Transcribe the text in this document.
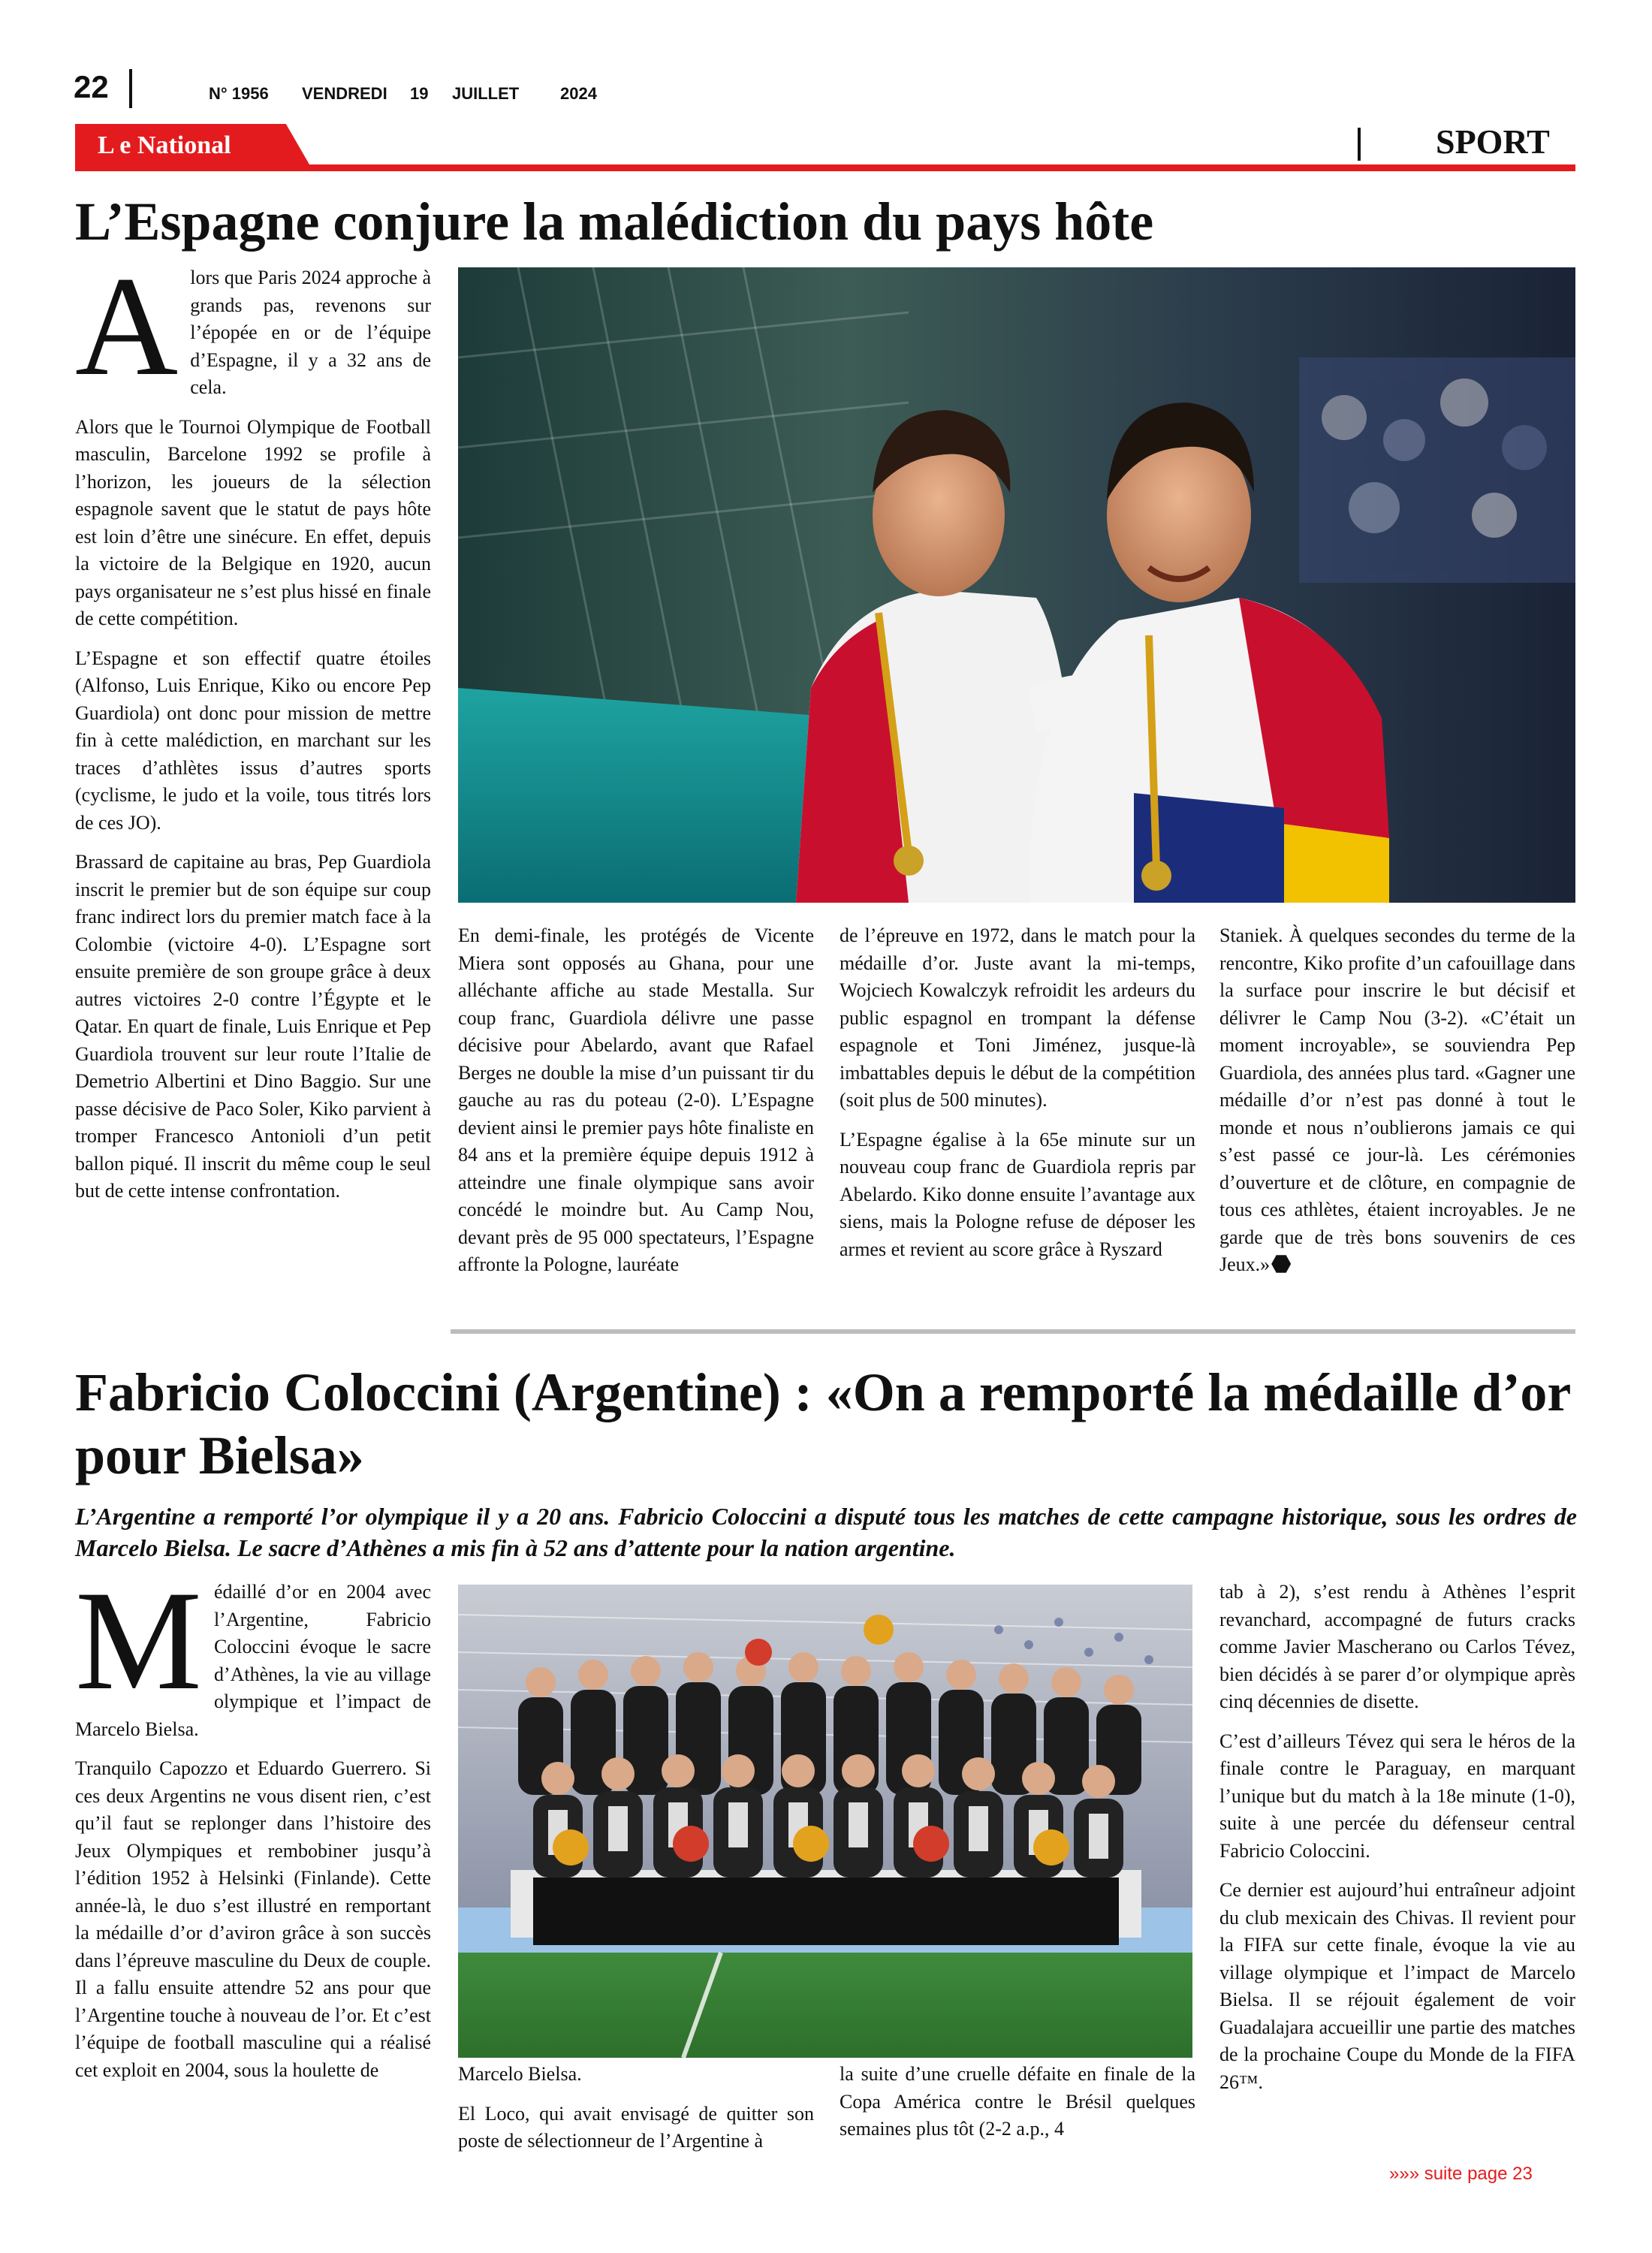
22	N° 1956 VENDREDI 19 JUILLET 2024
L e National	SPORT
L’Espagne conjure la malédiction du pays hôte

A lors que Paris 2024 approche à grands pas, revenons sur l’épopée en or de l’équipe d’Espagne, il y a 32 ans de cela.

Alors que le Tournoi Olympique de Football masculin, Barcelone 1992 se profile à l’horizon, les joueurs de la sélection espagnole savent que le statut de pays hôte est loin d’être une sinécure. En effet, depuis la victoire de la Belgique en 1920, aucun pays organisateur ne s’est plus hissé en finale de cette compétition.

L’Espagne et son effectif quatre étoiles (Alfonso, Luis Enrique, Kiko ou encore Pep Guardiola) ont donc pour mission de mettre fin à cette malédiction, en marchant sur les traces d’athlètes issus d’autres sports (cyclisme, le judo et la voile, tous titrés lors de ces JO).

Brassard de capitaine au bras, Pep Guardiola inscrit le premier but de son équipe sur coup franc indirect lors du premier match face à la Colombie (victoire 4-0). L’Espagne sort ensuite première de son groupe grâce à deux autres victoires 2-0 contre l’Égypte et le Qatar. En quart de finale, Luis Enrique et Pep Guardiola trouvent sur leur route l’Italie de Demetrio Albertini et Dino Baggio. Sur une passe décisive de Paco Soler, Kiko parvient à tromper Francesco Antonioli d’un petit ballon piqué. Il inscrit du même coup le seul but de cette intense confrontation.

En demi-finale, les protégés de Vicente Miera sont opposés au Ghana, pour une alléchante affiche au stade Mestalla. Sur coup franc, Guardiola délivre une passe décisive pour Abelardo, avant que Rafael Berges ne double la mise d’un puissant tir du gauche au ras du poteau (2-0). L’Espagne devient ainsi le premier pays hôte finaliste en 84 ans et la première équipe depuis 1912 à atteindre une finale olympique sans avoir concédé le moindre but. Au Camp Nou, devant près de 95 000 spectateurs, l’Espagne affronte la Pologne, lauréate

de l’épreuve en 1972, dans le match pour la médaille d’or. Juste avant la mi-temps, Wojciech Kowalczyk refroidit les ardeurs du public espagnol en trompant la défense espagnole et Toni Jiménez, jusque-là imbattables depuis le début de la compétition (soit plus de 500 minutes).

L’Espagne égalise à la 65e minute sur un nouveau coup franc de Guardiola repris par Abelardo. Kiko donne ensuite l’avantage aux siens, mais la Pologne refuse de déposer les armes et revient au score grâce à Ryszard

Staniek. À quelques secondes du terme de la rencontre, Kiko profite d’un cafouillage dans la surface pour inscrire le but décisif et délivrer le Camp Nou (3-2). «C’était un moment incroyable», se souviendra Pep Guardiola, des années plus tard. «Gagner une médaille d’or n’est pas donné à tout le monde et nous n’oublierons jamais ce qui s’est passé ce jour-là. Les cérémonies d’ouverture et de clôture, en compagnie de tous ces athlètes, étaient incroyables. Je ne garde que de très bons souvenirs de ces Jeux.»

Fabricio Coloccini (Argentine) : «On a remporté la médaille d’or pour Bielsa»
L’Argentine a remporté l’or olympique il y a 20 ans. Fabricio Coloccini a disputé tous les matches de cette campagne historique, sous les ordres de Marcelo Bielsa. Le sacre d’Athènes a mis fin à 52 ans d’attente pour la nation argentine.

M édaillé d’or en 2004 avec l’Argentine, Fabricio Coloccini évoque le sacre d’Athènes, la vie au village olympique et l’impact de Marcelo Bielsa.

Tranquilo Capozzo et Eduardo Guerrero. Si ces deux Argentins ne vous disent rien, c’est qu’il faut se replonger dans l’histoire des Jeux Olympiques et rembobiner jusqu’à l’édition 1952 à Helsinki (Finlande). Cette année-là, le duo s’est illustré en remportant la médaille d’or d’aviron grâce à son succès dans l’épreuve masculine du Deux de couple. Il a fallu ensuite attendre 52 ans pour que l’Argentine touche à nouveau de l’or. Et c’est l’équipe de football masculine qui a réalisé cet exploit en 2004, sous la houlette de	Marcelo Bielsa.

El Loco, qui avait envisagé de quitter son poste de sélectionneur de l’Argentine à

la suite d’une cruelle défaite en finale de la Copa América contre le Brésil quelques semaines plus tôt (2-2 a.p., 4

tab à 2), s’est rendu à Athènes l’esprit revanchard, accompagné de futurs cracks comme Javier Mascherano ou Carlos Tévez, bien décidés à se parer d’or olympique après cinq décennies de disette.

C’est d’ailleurs Tévez qui sera le héros de la finale contre le Paraguay, en marquant l’unique but du match à la 18e minute (1-0), suite à une percée du défenseur central Fabricio Coloccini.

Ce dernier est aujourd’hui entraîneur adjoint du club mexicain des Chivas. Il revient pour la FIFA sur cette finale, évoque la vie au village olympique et l’impact de Marcelo Bielsa. Il se réjouit également de voir Guadalajara accueillir une partie des matches de la prochaine Coupe du Monde de la FIFA 26™.

»»» suite page 23
